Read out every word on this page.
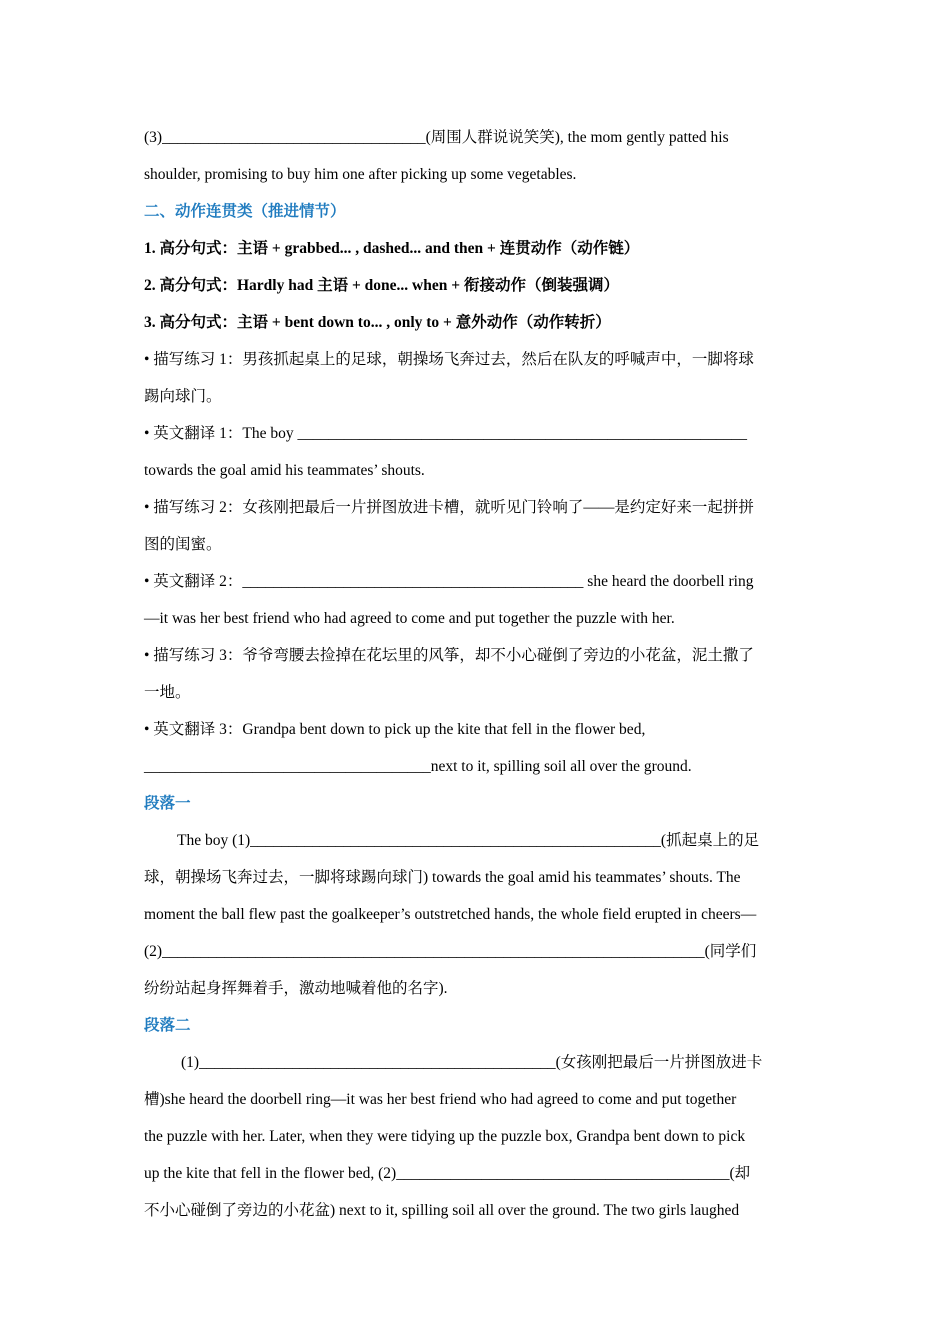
(3)__________________________________(周围人群说说笑笑), the mom gently patted his
shoulder, promising to buy him one after picking up some vegetables.
二、动作连贯类（推进情节）
1. 高分句式：主语 + grabbed... , dashed... and then + 连贯动作（动作链）
2. 高分句式：Hardly had 主语 + done... when + 衔接动作（倒装强调）
3. 高分句式：主语 + bent down to... , only to + 意外动作（动作转折）
• 描写练习 1：男孩抓起桌上的足球，朝操场飞奔过去，然后在队友的呼喊声中，一脚将球
踢向球门。
• 英文翻译 1：The boy __________________________________________________________
towards the goal amid his teammates’ shouts.
• 描写练习 2：女孩刚把最后一片拼图放进卡槽，就听见门铃响了——是约定好来一起拼拼
图的闺蜜。
• 英文翻译 2：____________________________________________ she heard the doorbell ring
—it was her best friend who had agreed to come and put together the puzzle with her.
• 描写练习 3：爷爷弯腰去捡掉在花坛里的风筝，却不小心碰倒了旁边的小花盆，泥土撒了
一地。
• 英文翻译 3：Grandpa bent down to pick up the kite that fell in the flower bed,
_____________________________________next to it, spilling soil all over the ground.
段落一
The boy (1)_____________________________________________________(抓起桌上的足
球，朝操场飞奔过去，一脚将球踢向球门) towards the goal amid his teammates’ shouts. The
moment the ball flew past the goalkeeper’s outstretched hands, the whole field erupted in cheers—
(2)______________________________________________________________________(同学们
纷纷站起身挥舞着手，激动地喊着他的名字).
段落二
(1)______________________________________________(女孩刚把最后一片拼图放进卡
槽)she heard the doorbell ring—it was her best friend who had agreed to come and put together
the puzzle with her. Later, when they were tidying up the puzzle box, Grandpa bent down to pick
up the kite that fell in the flower bed, (2)___________________________________________(却
不小心碰倒了旁边的小花盆) next to it, spilling soil all over the ground. The two girls laughed
